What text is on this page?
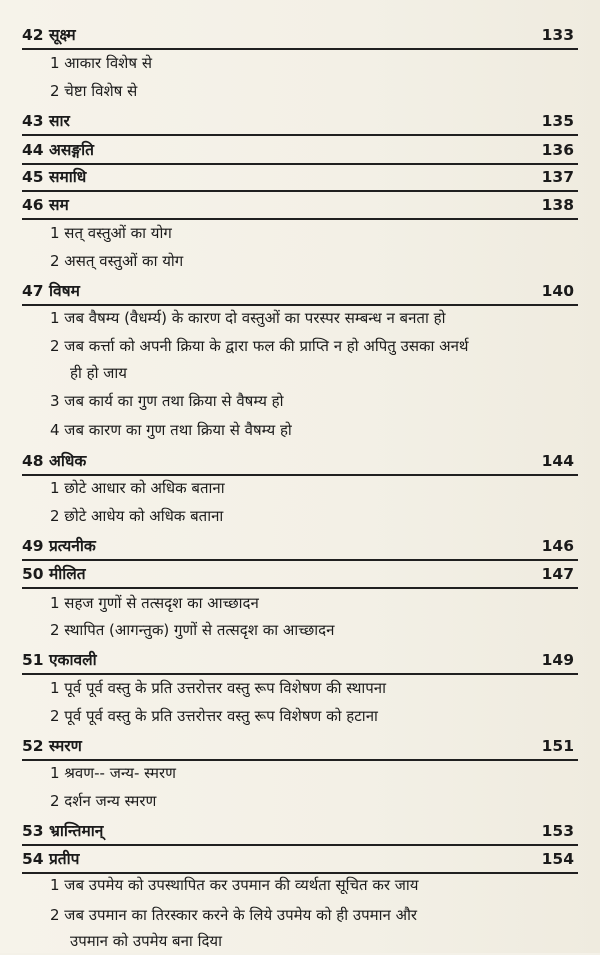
42 सूक्ष्म	133
1 आकार विशेष से
2 चेष्टा विशेष से
43 सार	135
44 असङ्गति	136
45 समाधि	137
46 सम	138
1 सत् वस्तुओं का योग
2 असत् वस्तुओं का योग
47 विषम	140
1 जब वैषम्य (वैधर्म्य) के कारण दो वस्तुओं का परस्पर सम्बन्ध न बनता हो
2 जब कर्त्ता को अपनी क्रिया के द्वारा फल की प्राप्ति न हो अपितु उसका अनर्थ
ही हो जाय
3 जब कार्य का गुण तथा क्रिया से वैषम्य हो
4 जब कारण का गुण तथा क्रिया से वैषम्य हो
48 अधिक	144
1 छोटे आधार को अधिक बताना
2 छोटे आधेय को अधिक बताना
49 प्रत्यनीक	146
50 मीलित	147
1 सहज गुणों से तत्सदृश का आच्छादन
2 स्थापित (आगन्तुक) गुणों से तत्सदृश का आच्छादन
51 एकावली	149
1 पूर्व पूर्व वस्तु के प्रति उत्तरोत्तर वस्तु रूप विशेषण की स्थापना
2 पूर्व पूर्व वस्तु के प्रति उत्तरोत्तर वस्तु रूप विशेषण को हटाना
52 स्मरण	151
1 श्रवण-- जन्य- स्मरण
2 दर्शन जन्य स्मरण
53 भ्रान्तिमान्	153
54 प्रतीप	154
1 जब उपमेय को उपस्थापित कर उपमान की व्यर्थता सूचित कर जाय
2 जब उपमान का तिरस्कार करने के लिये उपमेय को ही उपमान और
उपमान को उपमेय बना दिया
